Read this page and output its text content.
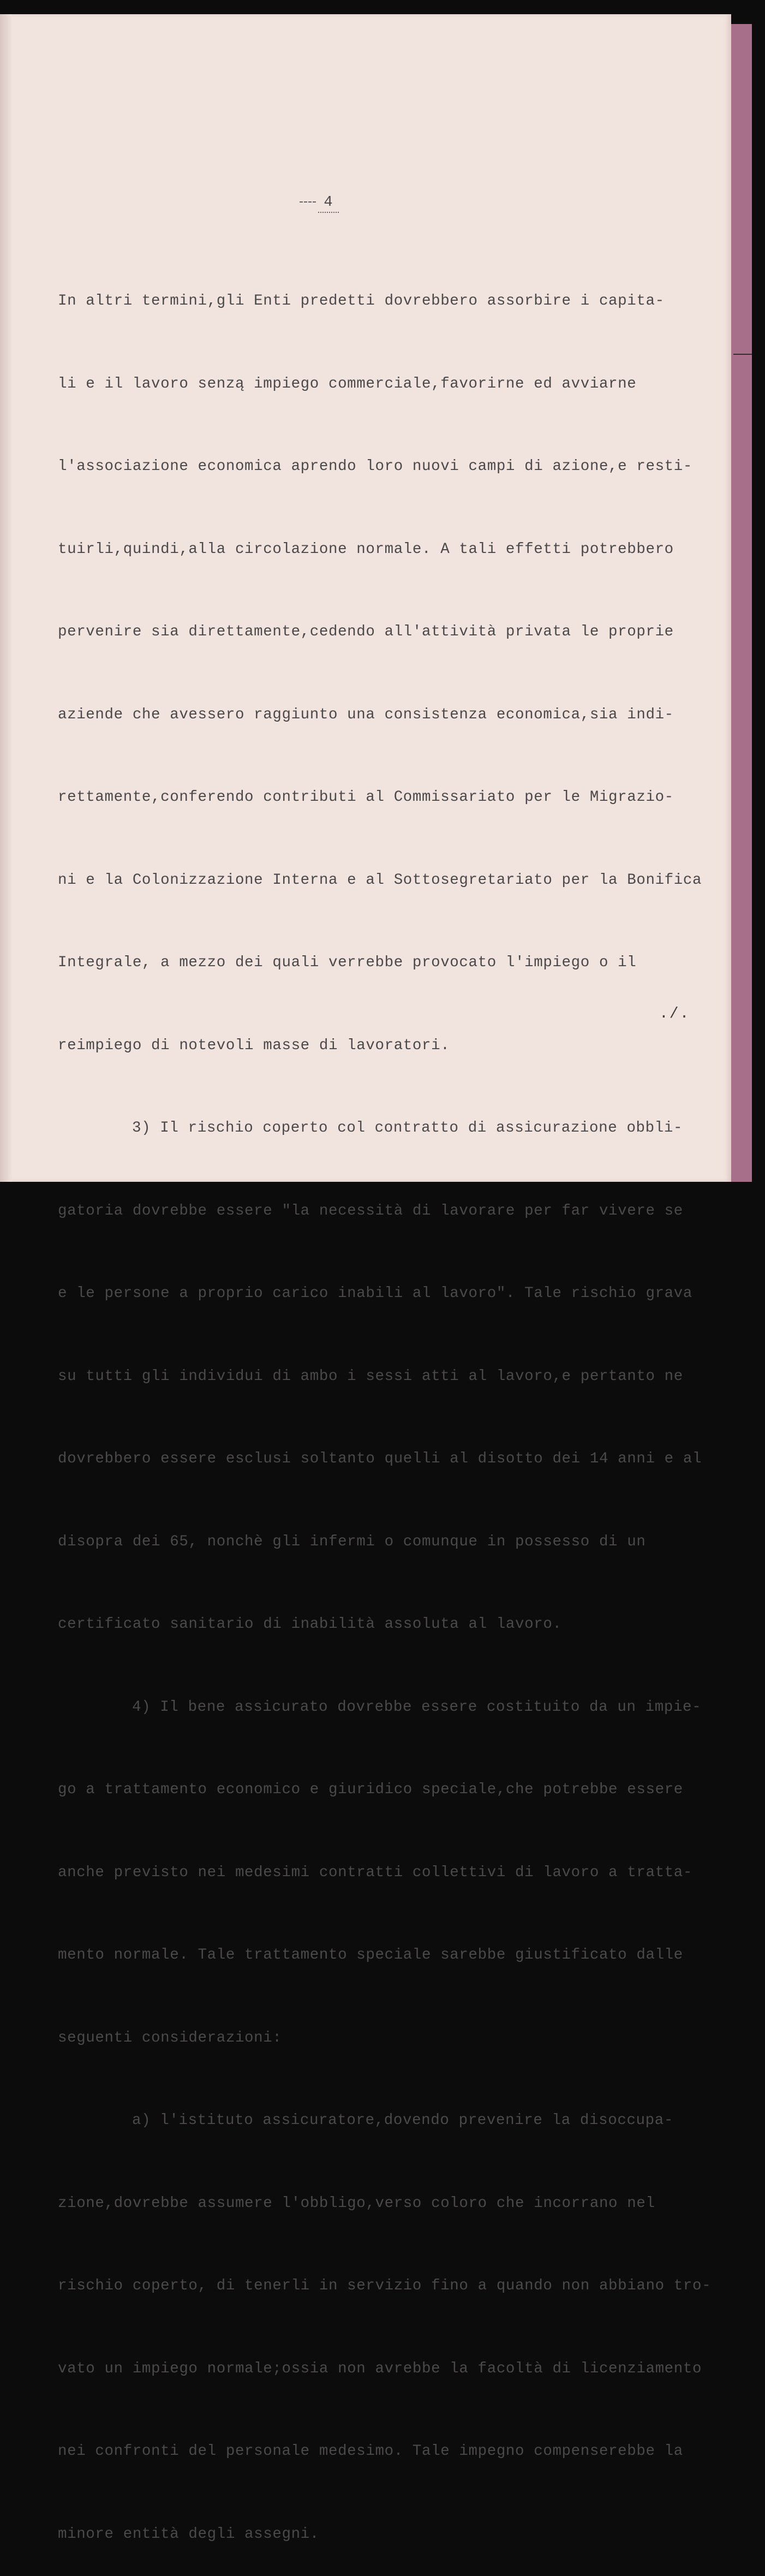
4

In altri termini,gli Enti predetti dovrebbero assorbire i capita-

li e il lavoro senzą impiego commerciale,favorirne ed avviarne

l'associazione economica aprendo loro nuovi campi di azione,e resti-

tuirli,quindi,alla circolazione normale. A tali effetti potrebbero

pervenire sia direttamente,cedendo all'attività privata le proprie

aziende che avessero raggiunto una consistenza economica,sia indi-

rettamente,conferendo contributi al Commissariato per le Migrazio-

ni e la Colonizzazione Interna e al Sottosegretariato per la Bonifica

Integrale, a mezzo dei quali verrebbe provocato l'impiego o il

reimpiego di notevoli masse di lavoratori.

3) Il rischio coperto col contratto di assicurazione obbli-

gatoria dovrebbe essere "la necessità di lavorare per far vivere se

e le persone a proprio carico inabili al lavoro". Tale rischio grava

su tutti gli individui di ambo i sessi atti al lavoro,e pertanto ne

dovrebbero essere esclusi soltanto quelli al disotto dei 14 anni e al

disopra dei 65, nonchè gli infermi o comunque in possesso di un

certificato sanitario di inabilità assoluta al lavoro.

4) Il bene assicurato dovrebbe essere costituito da un impie-

go a trattamento economico e giuridico speciale,che potrebbe essere

anche previsto nei medesimi contratti collettivi di lavoro a tratta-

mento normale. Tale trattamento speciale sarebbe giustificato dalle

seguenti considerazioni:

a) l'istituto assicuratore,dovendo prevenire la disoccupa-

zione,dovrebbe assumere l'obbligo,verso coloro che incorrano nel

rischio coperto, di tenerli in servizio fino a quando non abbiano tro-

vato un impiego normale;ossia non avrebbe la facoltà di licenziamento

nei confronti del personale medesimo. Tale impegno compenserebbe la

minore entità degli assegni.

./.
